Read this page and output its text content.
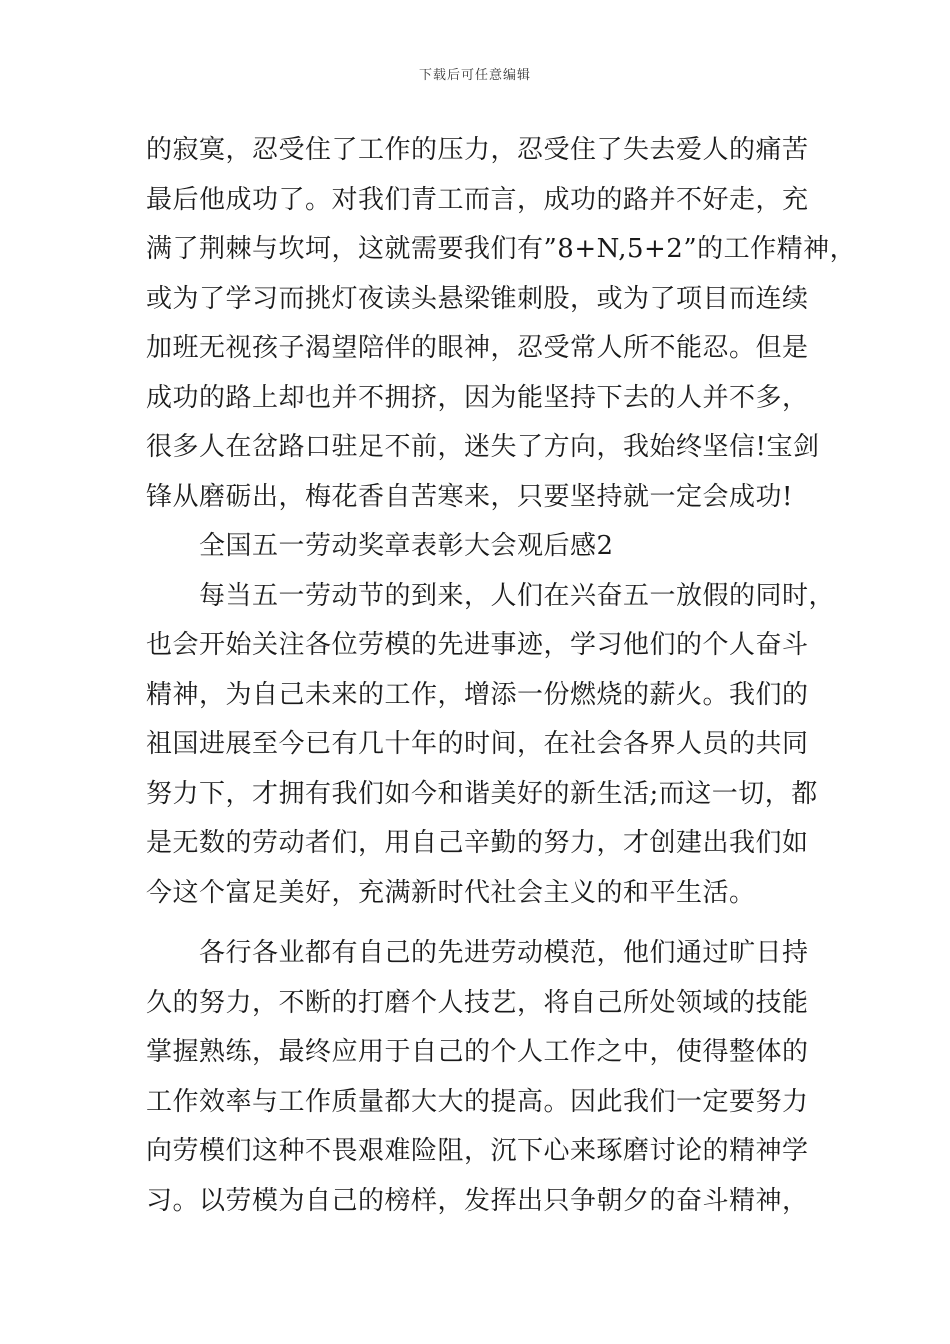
下载后可任意编辑
的寂寞，忍受住了工作的压力，忍受住了失去爱人的痛苦
最后他成功了。对我们青工而言，成功的路并不好走，充
满了荆棘与坎坷，这就需要我们有”8+N,5+2”的工作精神，
或为了学习而挑灯夜读头悬梁锥刺股，或为了项目而连续
加班无视孩子渴望陪伴的眼神，忍受常人所不能忍。但是
成功的路上却也并不拥挤，因为能坚持下去的人并不多，
很多人在岔路口驻足不前，迷失了方向，我始终坚信!宝剑
锋从磨砺出，梅花香自苦寒来，只要坚持就一定会成功!
　　全国五一劳动奖章表彰大会观后感2
　　每当五一劳动节的到来，人们在兴奋五一放假的同时，
也会开始关注各位劳模的先进事迹，学习他们的个人奋斗
精神，为自己未来的工作，增添一份燃烧的薪火。我们的
祖国进展至今已有几十年的时间，在社会各界人员的共同
努力下，才拥有我们如今和谐美好的新生活;而这一切，都
是无数的劳动者们，用自己辛勤的努力，才创建出我们如
今这个富足美好，充满新时代社会主义的和平生活。
　　各行各业都有自己的先进劳动模范，他们通过旷日持
久的努力，不断的打磨个人技艺，将自己所处领域的技能
掌握熟练，最终应用于自己的个人工作之中，使得整体的
工作效率与工作质量都大大的提高。因此我们一定要努力
向劳模们这种不畏艰难险阻，沉下心来琢磨讨论的精神学
习。以劳模为自己的榜样，发挥出只争朝夕的奋斗精神，
